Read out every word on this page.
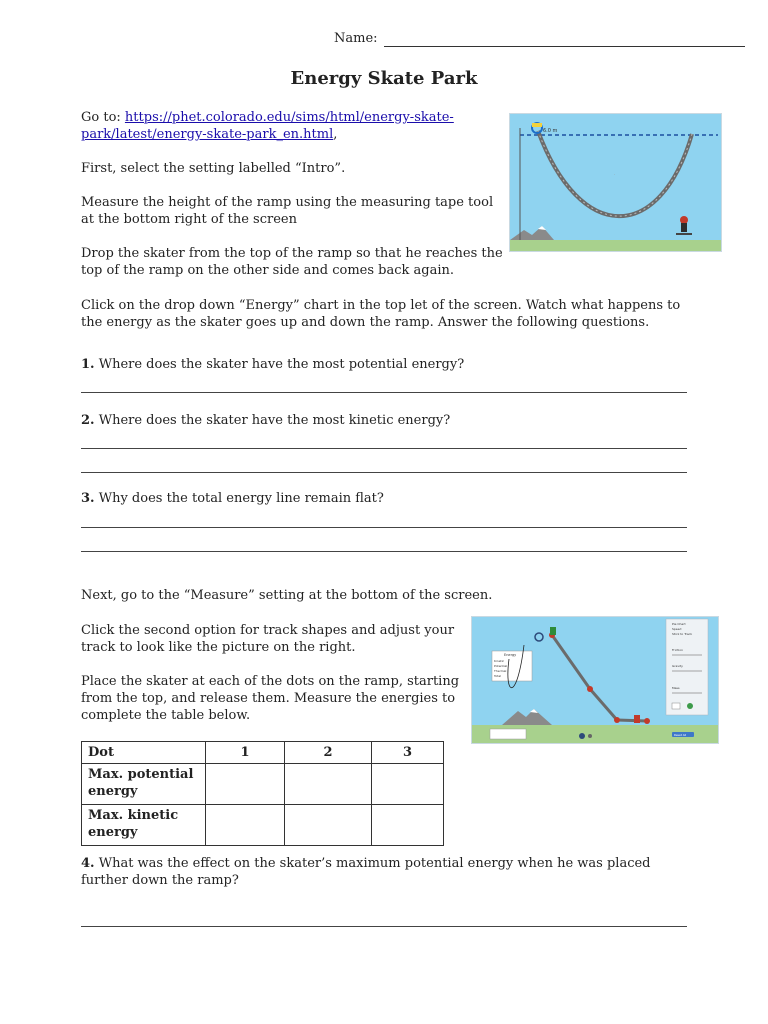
Name:
Energy Skate Park
Go to: https://phet.colorado.edu/sims/html/energy-skate-
park/latest/energy-skate-park_en.html,
First, select the setting labelled “Intro”.
Measure the height of the ramp using the measuring tape tool
at the bottom right of the screen
Drop the skater from the top of the ramp so that he reaches the
top of the ramp on the other side and comes back again.
Click on the drop down “Energy” chart in the top let of the screen. Watch what happens to
the energy as the skater goes up and down the ramp. Answer the following questions.
6.0 m
·
1. Where does the skater have the most potential energy?
2. Where does the skater have the most kinetic energy?
3. Why does the total energy line remain flat?
Next, go to the “Measure” setting at the bottom of the screen.
Click the second option for track shapes and adjust your
track to look like the picture on the right.
Place the skater at each of the dots on the ramp, starting
from the top, and release them. Measure the energies to
complete the table below.
Energy
Kinetic
Potential
Thermal
Total
Pie Chart
Speed
Stick to Track
Friction
Gravity
Mass
Reset All
Dot	1	2	3

Max. potential
energy			

Max. kinetic
energy			

4. What was the effect on the skater’s maximum potential energy when he was placed
further down the ramp?
